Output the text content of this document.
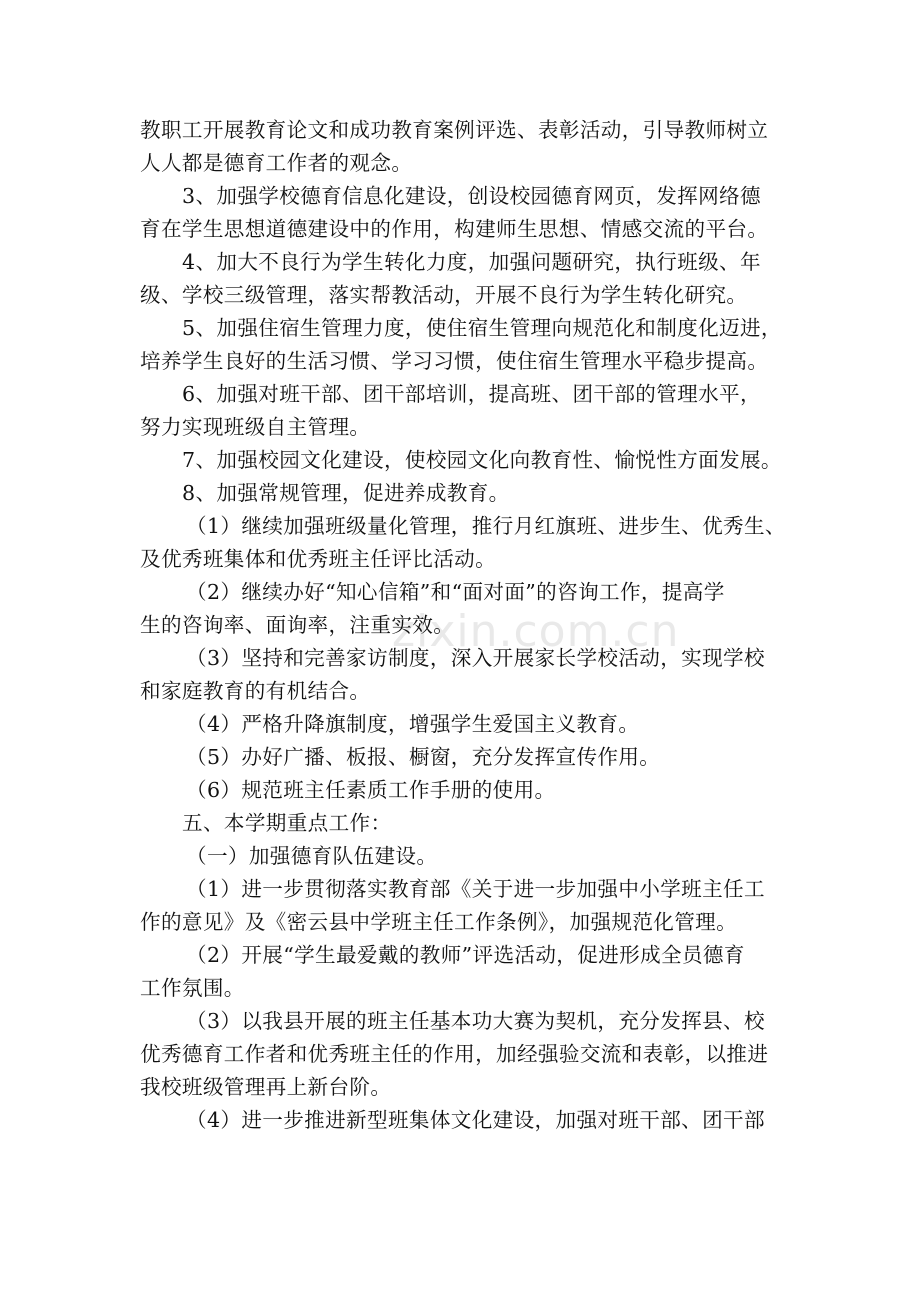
zixin.com.cn

教职工开展教育论文和成功教育案例评选、表彰活动，引导教师树立

人人都是德育工作者的观念。

3、加强学校德育信息化建设，创设校园德育网页，发挥网络德

育在学生思想道德建设中的作用，构建师生思想、情感交流的平台。

4、加大不良行为学生转化力度，加强问题研究，执行班级、年

级、学校三级管理，落实帮教活动，开展不良行为学生转化研究。

5、加强住宿生管理力度，使住宿生管理向规范化和制度化迈进，

培养学生良好的生活习惯、学习习惯，使住宿生管理水平稳步提高。

6、加强对班干部、团干部培训，提高班、团干部的管理水平，

努力实现班级自主管理。

7、加强校园文化建设，使校园文化向教育性、愉悦性方面发展。

8、加强常规管理，促进养成教育。

（1）继续加强班级量化管理，推行月红旗班、进步生、优秀生、

及优秀班集体和优秀班主任评比活动。

（2）继续办好“知心信箱”和“面对面”的咨询工作，提高学

生的咨询率、面询率，注重实效。

（3）坚持和完善家访制度，深入开展家长学校活动，实现学校

和家庭教育的有机结合。

（4）严格升降旗制度，增强学生爱国主义教育。

（5）办好广播、板报、橱窗，充分发挥宣传作用。

（6）规范班主任素质工作手册的使用。

五、本学期重点工作：

（一）加强德育队伍建设。

（1）进一步贯彻落实教育部《关于进一步加强中小学班主任工

作的意见》及《密云县中学班主任工作条例》，加强规范化管理。

（2）开展“学生最爱戴的教师”评选活动，促进形成全员德育

工作氛围。

（3）以我县开展的班主任基本功大赛为契机，充分发挥县、校

优秀德育工作者和优秀班主任的作用，加经强验交流和表彰，以推进

我校班级管理再上新台阶。

（4）进一步推进新型班集体文化建设，加强对班干部、团干部
